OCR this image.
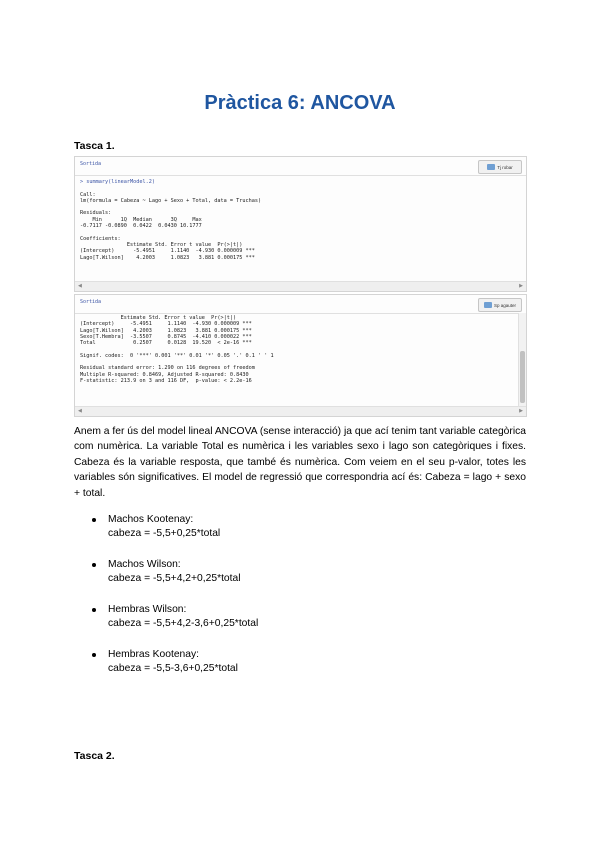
Pràctica 6: ANCOVA
Tasca 1.
Sortida	Tj robar
> summary(linearModel.2)

Call:
lm(formula = Cabeza ~ Lago + Sexo + Total, data = Truchas)

Residuals:
Min      1Q  Median      3Q     Max
-0.7117 -0.0890  0.0422  0.0430 10.1777

Coefficients:
Estimate Std. Error t value  Pr(>|t|)
(Intercept)      -5.4951     1.1140  -4.930 0.000009 ***
Lago[T.Wilson]    4.2003     1.0823   3.881 0.000175 ***

◀	▶
Sortida	Sp agauter
Estimate Std. Error t value  Pr(>|t|)
(Intercept)     -5.4951     1.1140  -4.930 0.000009 ***
Lago[T.Wilson]   4.2003     1.0823   3.881 0.000175 ***
Sexo[T.Hembra]  -3.5507     0.8745  -4.410 0.000022 ***
Total            0.2507     0.0128  19.520  < 2e-16 ***

Signif. codes:  0 '***' 0.001 '**' 0.01 '*' 0.05 '.' 0.1 ' ' 1

Residual standard error: 1.290 on 116 degrees of freedom
Multiple R-squared: 0.8469, Adjusted R-squared: 0.8430
F-statistic: 213.9 on 3 and 116 DF,  p-value: < 2.2e-16

◀	▶
Anem a fer ús del model lineal ANCOVA (sense interacció) ja que ací tenim tant variable categòrica com numèrica. La variable Total es numèrica i les variables sexo i lago son categòriques i fixes. Cabeza és la variable resposta, que també és numèrica. Com veiem en el seu p-valor, totes les variables són significatives. El model de regressió que correspondria ací és: Cabeza = lago + sexo + total.
Machos Kootenay:
cabeza = -5,5+0,25*total
Machos Wilson:
cabeza = -5,5+4,2+0,25*total
Hembras Wilson:
cabeza = -5,5+4,2-3,6+0,25*total
Hembras Kootenay:
cabeza = -5,5-3,6+0,25*total
Tasca 2.
